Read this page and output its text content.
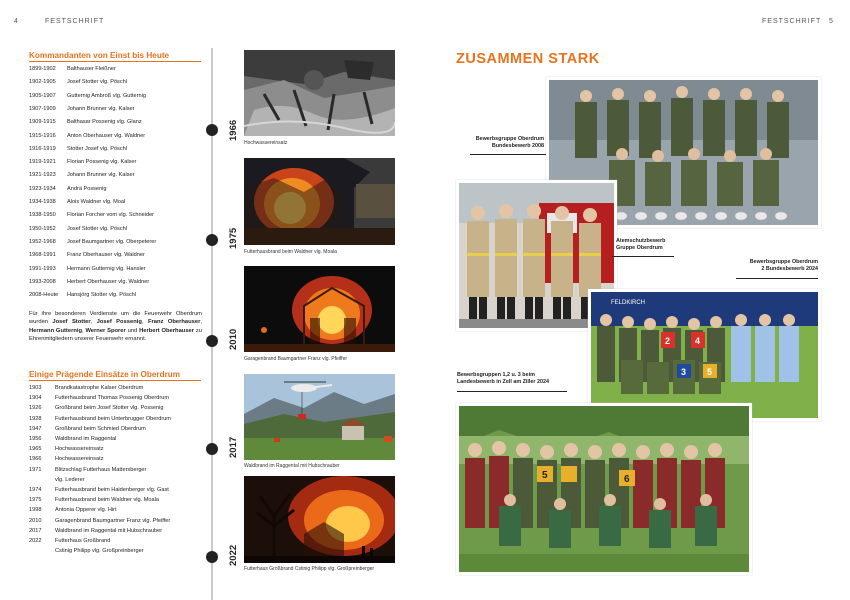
4	FESTSCHRIFT	FESTSCHRIFT 5
Kommandanten von Einst bis Heute
1899-1902 Balthauser Fleißner
1902-1905 Josef Stotter vlg. Pöschl
1905-1907 Gutternig Ambroß vlg. Gutternig
1907-1909 Johann Brunner vlg. Kalser
1909-1915 Balthasar Possenig vlg. Glanz
1915-1916 Anton Oberhauser vlg. Waldner
1916-1919 Stotter Josef vlg. Pöschl
1919-1921 Florian Possenig vlg. Kalser
1921-1923 Johann Brunner vlg. Kalser
1923-1934 Andrä Possenig
1934-1938 Alois Waldner vlg. Moal
1938-1950 Florian Forcher vom vlg. Schneider
1950-1952 Josef Stotter vlg. Pöschl
1952-1968 Josef Baumgartner vlg. Oberpeterer
1968-1991 Franz Oberhauser vlg. Waldner
1991-1993 Hermann Gutternig vlg. Hansler
1993-2008 Herbert Oberhauser vlg. Waldner
2008-Heute Hansjörg Stotter vlg. Pöschl
Für ihre besonderen Verdienste um die Feuerwehr Oberdrum wurden Josef Stotter, Josef Possenig, Franz Oberhauser, Hermann Gutternig, Werner Sporer und Herbert Oberhauser zu Ehrenmitgliedern unserer Feuerwehr ernannt.
Einige Prägende Einsätze in Oberdrum
1903 Brandkatastrophe Kalser Oberdrum
1904 Futterhausbrand Thomas Possenig Oberdrum
1926 Großbrand beim Josef Stotter vlg. Possenig
1928 Futterhausbrand beim Unterbrugger Oberdrum
1947 Großbrand beim Schmied Oberdrum
1956 Waldbrand im Raggental
1965 Hochwassereinsatz
1966 Hochwassereinsatz
1971 Blitzschlag Futterhaus Mattersberger
vlg. Lederer
1974 Futterhausbrand beim Haidenberger vlg. Gast
1975 Futterhausbrand beim Waldner vlg. Moala
1998 Antonia Opperer vlg. Hirt
2010 Garagenbrand Baumgartner Franz vlg. Pfeiffer
2017 Waldbrand im Raggental mit Hubschrauber
2022 Futterhaus Großbrand
Cstinig Philipp vlg. Großpreinberger
1966
1975
2010
2017
2022
Hochwassereinsatz
Futterhausbrand beim Waldner vlg. Moala
Garagenbrand Baumgartner Franz vlg. Pfeiffer
Waldbrand im Raggental mit Hubschrauber
Futterhaus Großbrand Cstinig Philipp vlg. Großpreinberger
ZUSAMMEN STARK
Bewerbsgruppe Oberdrum
Bundesbewerb 2008
Atemschutzbewerb
Gruppe Oberdrum
FELDKIRCH
2	4
3 5
Bewerbsgruppe Oberdrum
2 Bundesbewerb 2024
5	6
Bewerbsgruppen 1,2 u. 3 beim
Landesbewerb in Zell am Ziller 2024
